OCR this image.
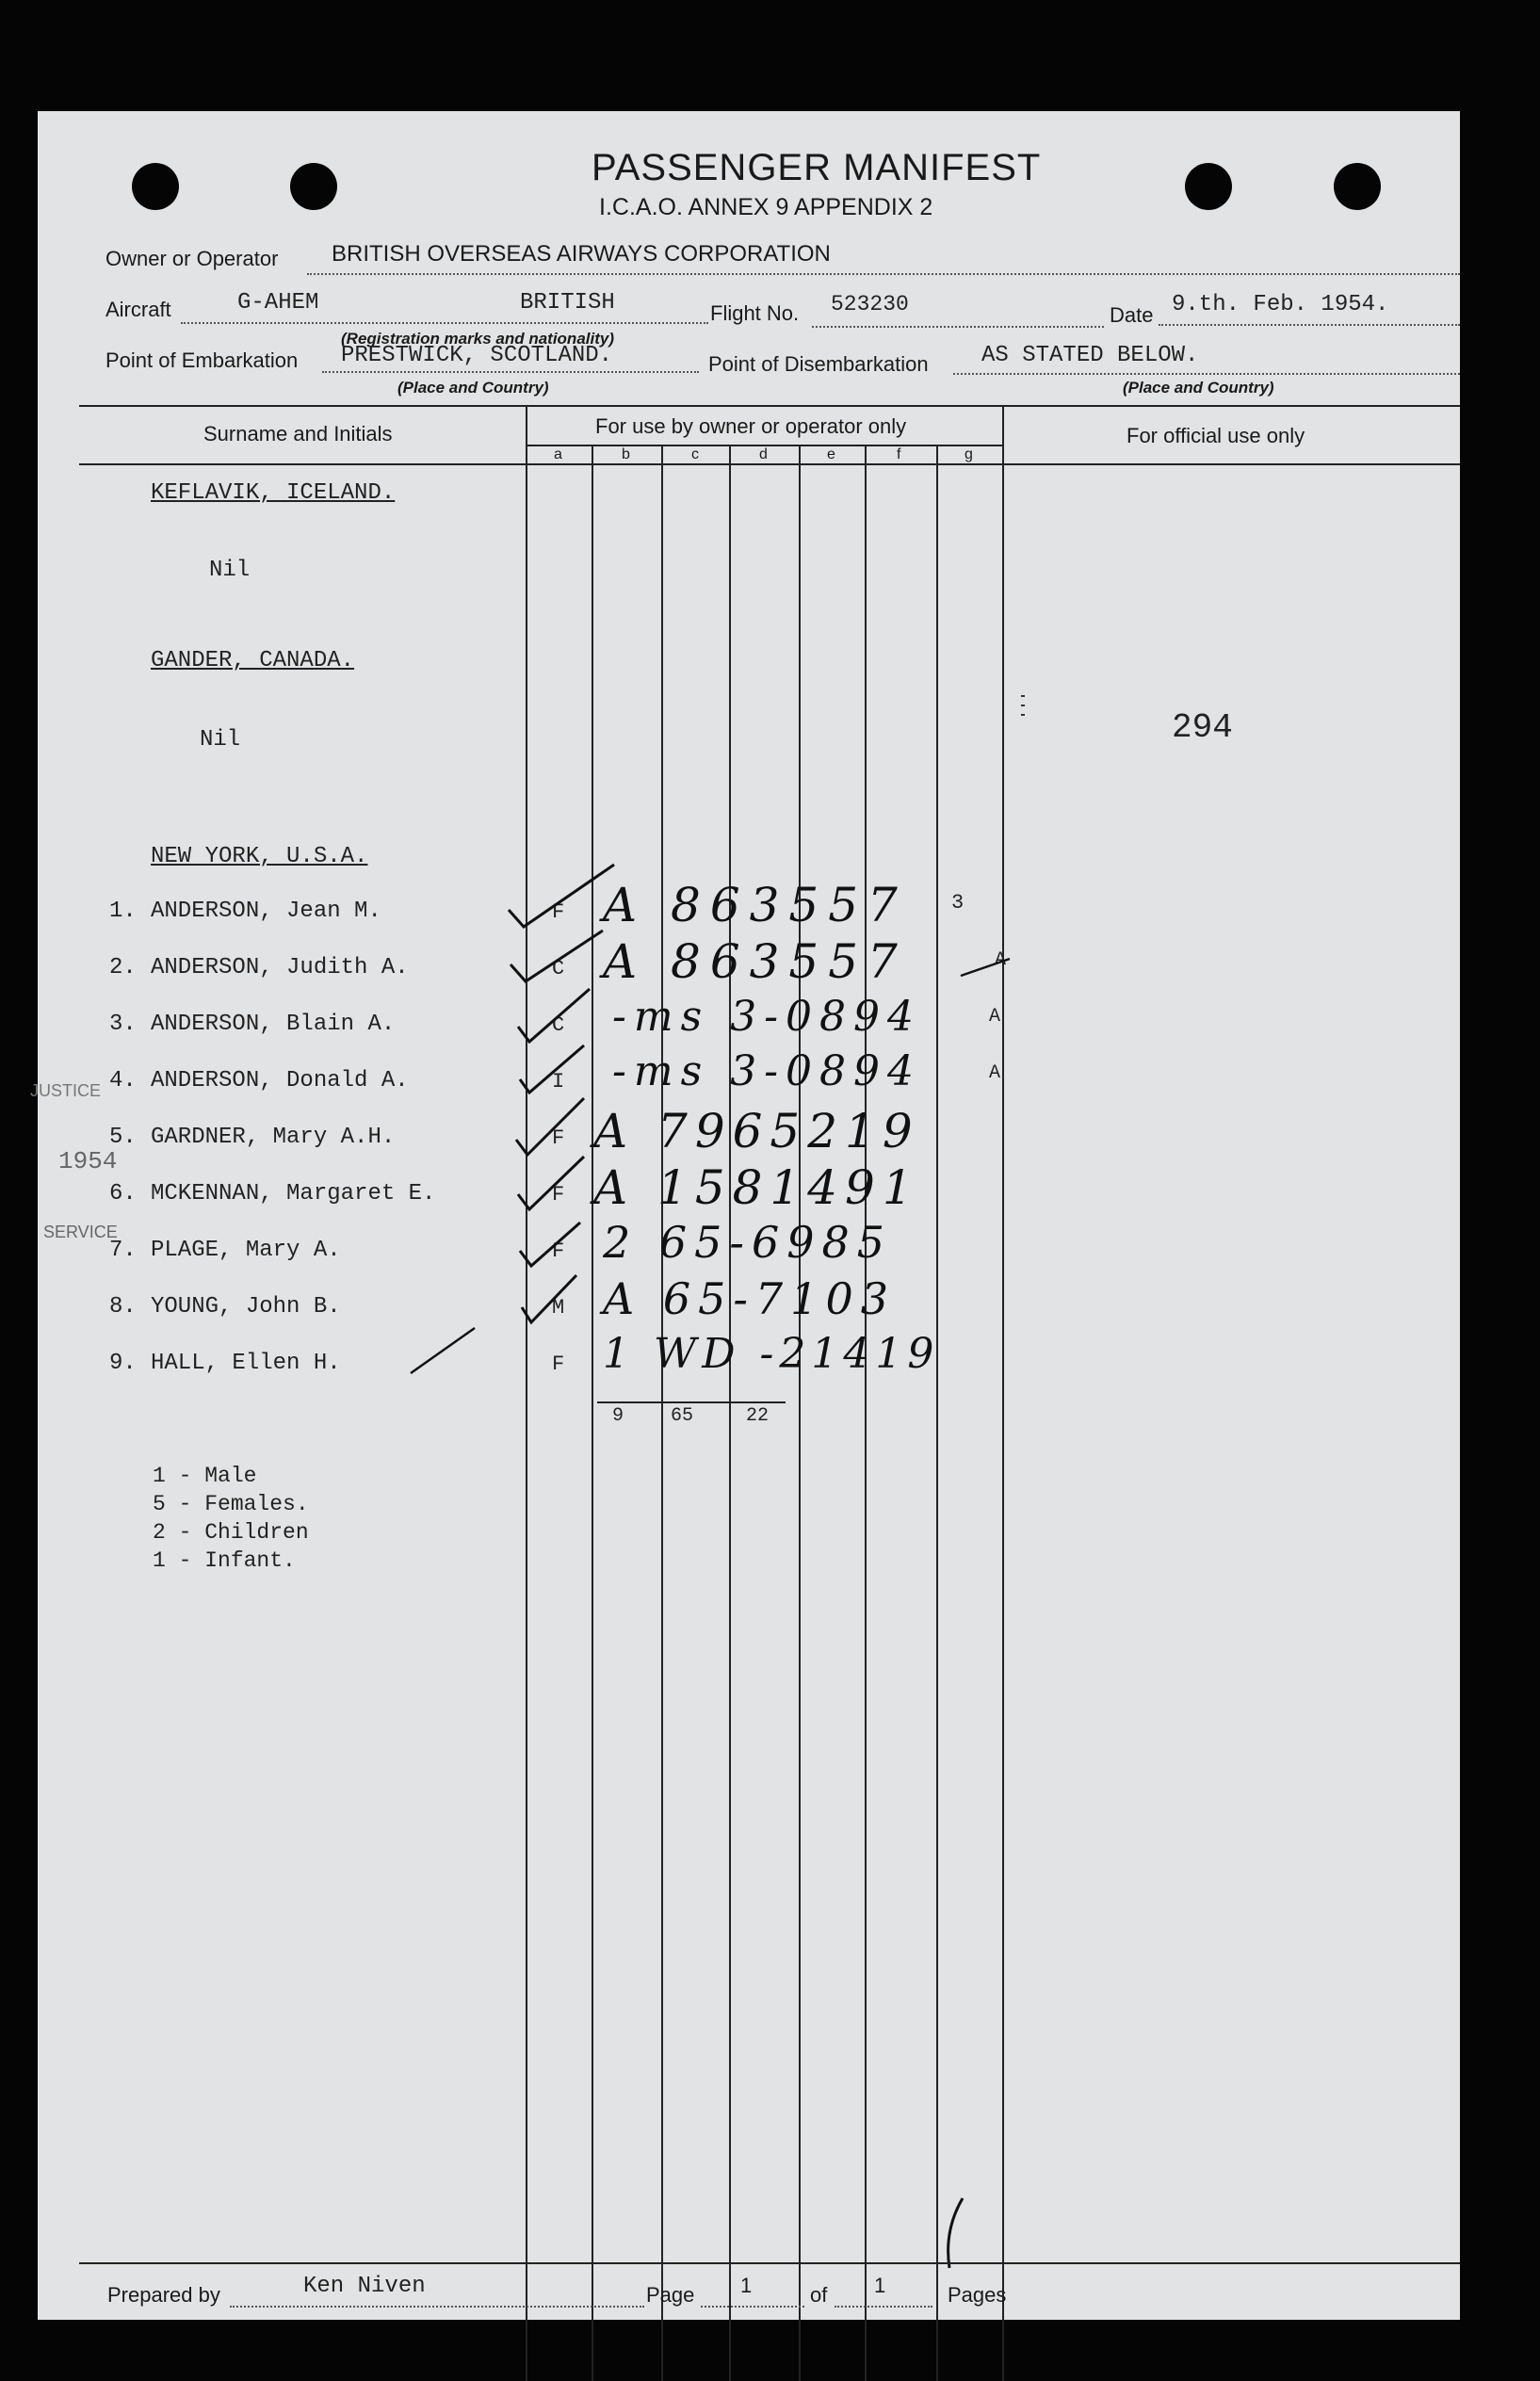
PASSENGER MANIFEST
I.C.A.O. ANNEX 9 APPENDIX 2
Owner or Operator BRITISH OVERSEAS AIRWAYS CORPORATION
Aircraft	G-AHEM	BRITISH
(Registration marks and nationality)
Flight No. 523230	Date 9.th. Feb. 1954.
Point of Embarkation PRESTWICK, SCOTLAND.
(Place and Country)
Point of Disembarkation AS STATED BELOW.
(Place and Country)
Surname and Initials	For use by owner or operator only	For official use only
a	b	c	d	e	f	g
KEFLAVIK, ICELAND.
Nil
GANDER, CANADA.
Nil	294
NEW YORK, U.S.A.
1. ANDERSON, Jean M.	F A 863557 3
2. ANDERSON, Judith A.	C A 863557	A
3. ANDERSON, Blain A.	C -ms 3-0894	A
4. ANDERSON, Donald A.	I -ms 3-0894	A
5. GARDNER, Mary A.H.	F A 7965219
6. MCKENNAN, Margaret E.	F A 1581491
7. PLAGE, Mary A.	F 2 65-6985
8. YOUNG, John B.	M A 65-7103
9. HALL, Ellen H.	F 1 WD -21419
9 65	22
1 - Male
5 - Females.
2 - Children
1 - Infant.
JUSTICE
1954
SERVICE
Prepared by	Ken Niven	Page 1	of 1	Pages
